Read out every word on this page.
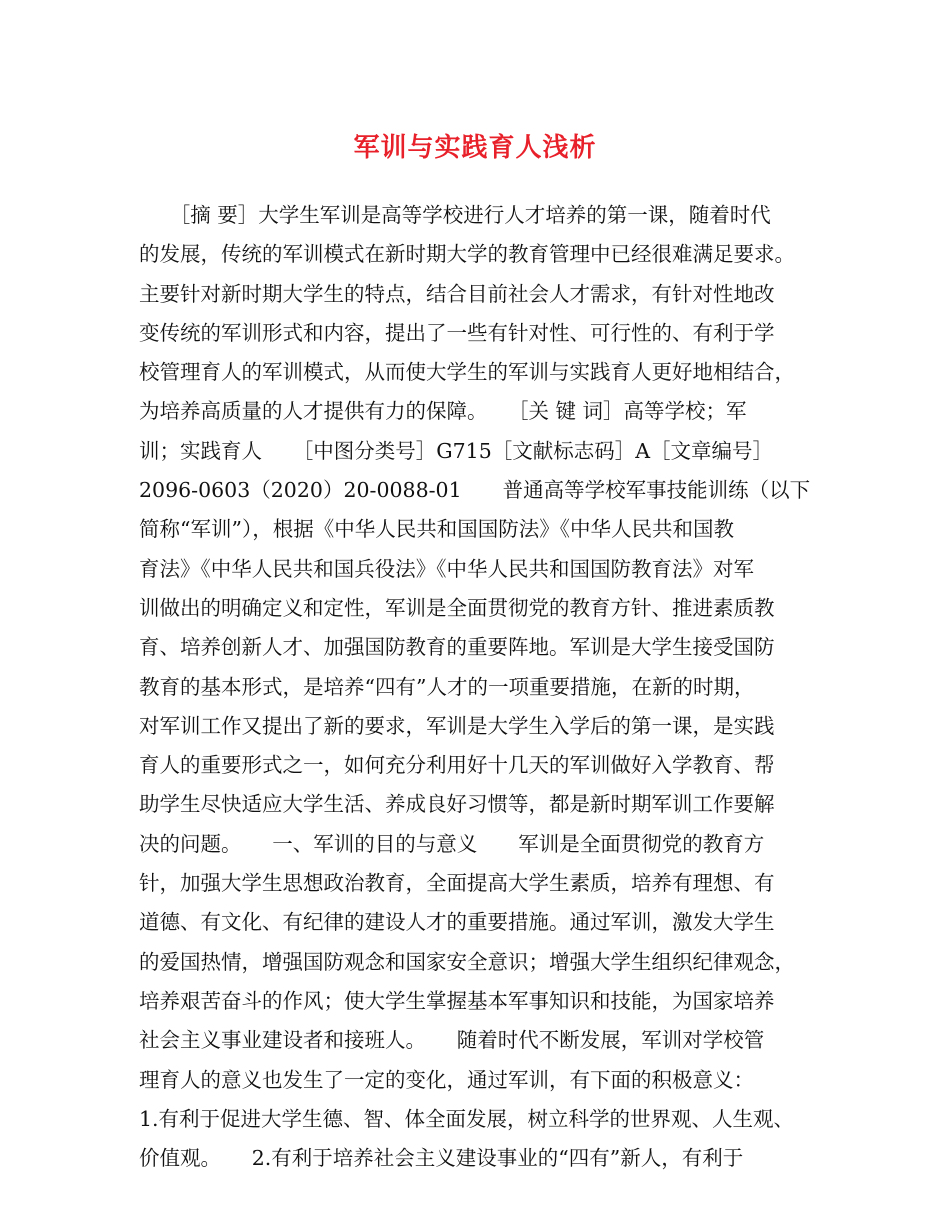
军训与实践育人浅析
　　［摘 要］大学生军训是高等学校进行人才培养的第一课，随着时代
的发展，传统的军训模式在新时期大学的教育管理中已经很难满足要求。
主要针对新时期大学生的特点，结合目前社会人才需求，有针对性地改
变传统的军训形式和内容，提出了一些有针对性、可行性的、有利于学
校管理育人的军训模式，从而使大学生的军训与实践育人更好地相结合，
为培养高质量的人才提供有力的保障。　　［关 键 词］高等学校；军
训；实践育人　　［中图分类号］G715［文献标志码］A［文章编号］
2096-0603（2020）20-0088-01　　普通高等学校军事技能训练（以下
简称“军训”），根据《中华人民共和国国防法》《中华人民共和国教
育法》《中华人民共和国兵役法》《中华人民共和国国防教育法》对军
训做出的明确定义和定性，军训是全面贯彻党的教育方针、推进素质教
育、培养创新人才、加强国防教育的重要阵地。军训是大学生接受国防
教育的基本形式，是培养“四有”人才的一项重要措施，在新的时期，
对军训工作又提出了新的要求，军训是大学生入学后的第一课，是实践
育人的重要形式之一，如何充分利用好十几天的军训做好入学教育、帮
助学生尽快适应大学生活、养成良好习惯等，都是新时期军训工作要解
决的问题。　　一、军训的目的与意义　　军训是全面贯彻党的教育方
针，加强大学生思想政治教育，全面提高大学生素质，培养有理想、有
道德、有文化、有纪律的建设人才的重要措施。通过军训，激发大学生
的爱国热情，增强国防观念和国家安全意识；增强大学生组织纪律观念，
培养艰苦奋斗的作风；使大学生掌握基本军事知识和技能，为国家培养
社会主义事业建设者和接班人。　　随着时代不断发展，军训对学校管
理育人的意义也发生了一定的变化，通过军训，有下面的积极意义：
1.有利于促进大学生德、智、体全面发展，树立科学的世界观、人生观、
价值观。　　2.有利于培养社会主义建设事业的“四有”新人，有利于
